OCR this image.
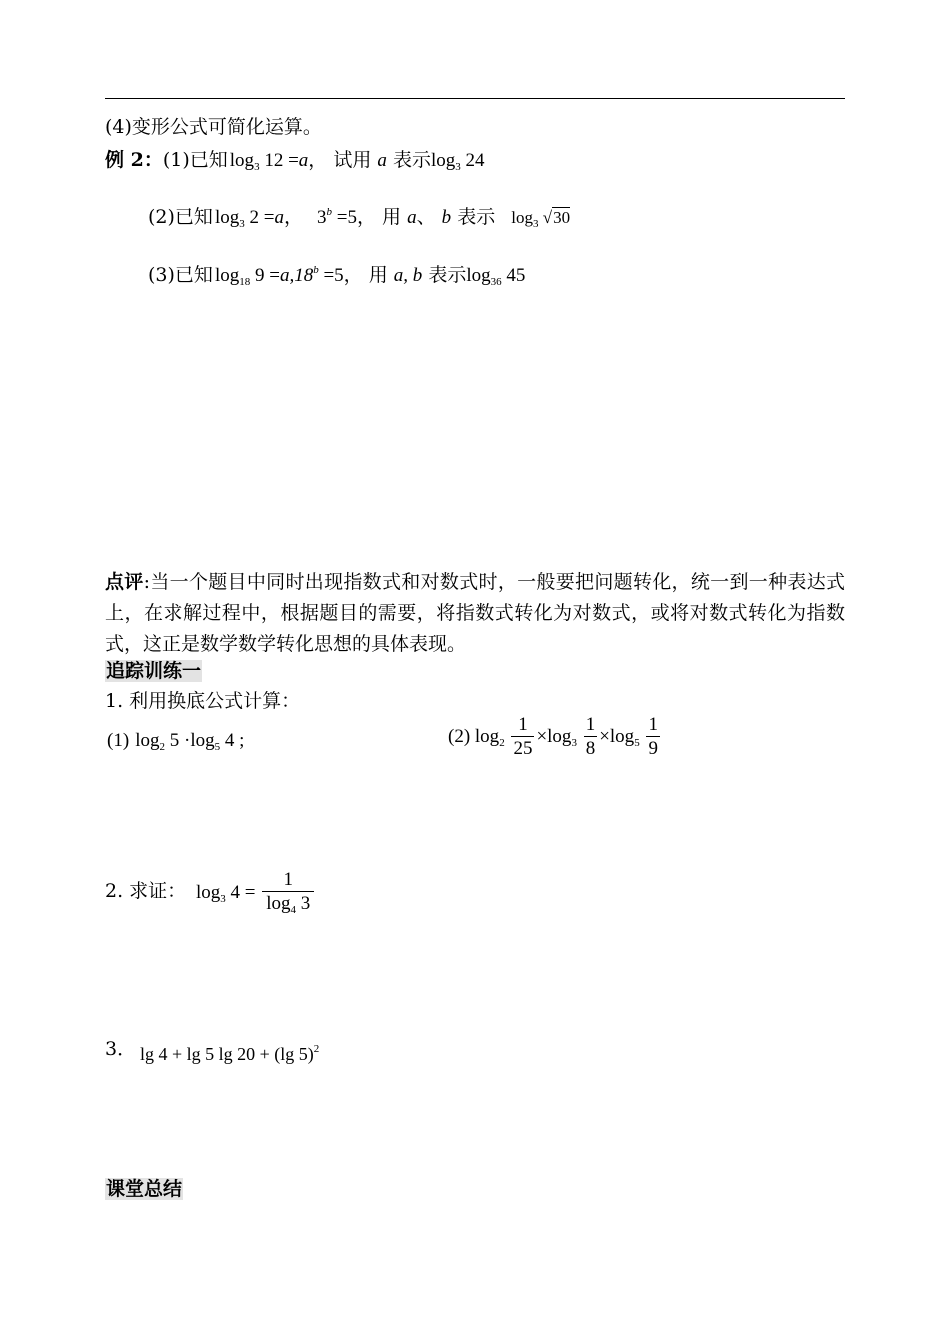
(4)变形公式可简化运算。
例 2：(1)已知 $\log_3 12 =a$， 试用 a 表示$\log_3 24$
(2)已知 $\log_3 2 =a$， $3^b =5$， 用 a、 b 表示 $\log_3 √30$
(3)已知 $\log_{18} 9 =a,18^b =5$， 用 a, b 表示$\log_{36} 45$
点评:当一个题目中同时出现指数式和对数式时，一般要把问题转化，统一到一种表达式上，在求解过程中，根据题目的需要，将指数式转化为对数式，或将对数式转化为指数式，这正是数学数学转化思想的具体表现。
追踪训练一
1. 利用换底公式计算：
(1) $\log_2 5 \cdot\log_5$ 4 ;	(2) $\log_2 \frac{1}{25} \times\log_3 \frac{1}{8} \times\log_5 \frac{1}{9}$
2. 求证： $\log_3 4 = \frac{1}{\log_4 3}$
3． lg 4 + lg 5 lg 20 + (lg 5)$^2$
课堂总结
